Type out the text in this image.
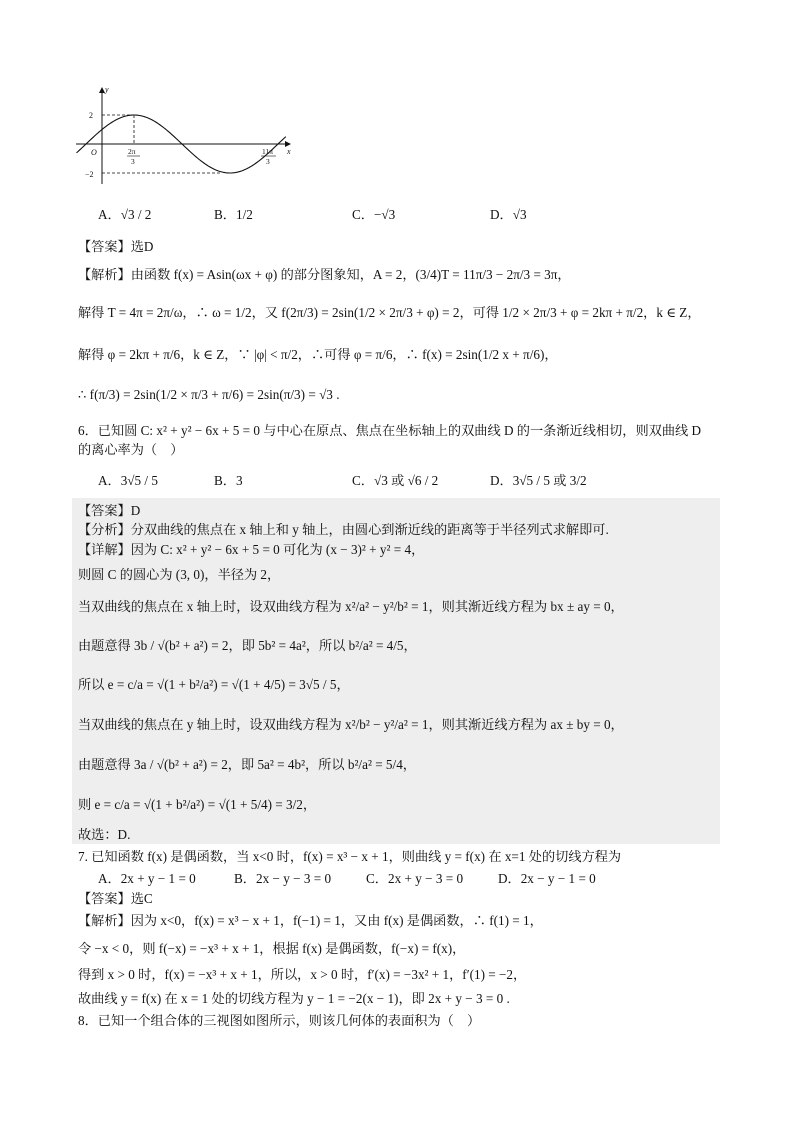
y
x
O
2
−2
2π
3
11π
3
A．√3 / 2	B．1/2	C．−√3	D．√3
【答案】选D
【解析】由函数 f(x) = Asin(ωx + φ) 的部分图象知，A = 2，(3/4)T = 11π/3 − 2π/3 = 3π，
解得 T = 4π = 2π/ω，∴ ω = 1/2，又 f(2π/3) = 2sin(1/2 × 2π/3 + φ) = 2，可得 1/2 × 2π/3 + φ = 2kπ + π/2，k ∈ Z，
解得 φ = 2kπ + π/6，k ∈ Z，∵ |φ| < π/2，∴可得 φ = π/6，∴ f(x) = 2sin(1/2 x + π/6)，
∴ f(π/3) = 2sin(1/2 × π/3 + π/6) = 2sin(π/3) = √3 .
6．已知圆 C: x² + y² − 6x + 5 = 0 与中心在原点、焦点在坐标轴上的双曲线 D 的一条渐近线相切，则双曲线 D
的离心率为（　）
A．3√5 / 5	B．3	C．√3 或 √6 / 2	D．3√5 / 5 或 3/2
【答案】D
【分析】分双曲线的焦点在 x 轴上和 y 轴上，由圆心到渐近线的距离等于半径列式求解即可.
【详解】因为 C: x² + y² − 6x + 5 = 0 可化为 (x − 3)² + y² = 4，
则圆 C 的圆心为 (3, 0)，半径为 2，
当双曲线的焦点在 x 轴上时，设双曲线方程为 x²/a² − y²/b² = 1，则其渐近线方程为 bx ± ay = 0，
由题意得 3b / √(b² + a²) = 2，即 5b² = 4a²，所以 b²/a² = 4/5，
所以 e = c/a = √(1 + b²/a²) = √(1 + 4/5) = 3√5 / 5，
当双曲线的焦点在 y 轴上时，设双曲线方程为 x²/b² − y²/a² = 1，则其渐近线方程为 ax ± by = 0，
由题意得 3a / √(b² + a²) = 2，即 5a² = 4b²，所以 b²/a² = 5/4，
则 e = c/a = √(1 + b²/a²) = √(1 + 5/4) = 3/2，
故选：D.
7. 已知函数 f(x) 是偶函数，当 x<0 时，f(x) = x³ − x + 1，则曲线 y = f(x) 在 x=1 处的切线方程为
A．2x + y − 1 = 0	B．2x − y − 3 = 0	C．2x + y − 3 = 0	D．2x − y − 1 = 0
【答案】选C
【解析】因为 x<0，f(x) = x³ − x + 1，f(−1) = 1，又由 f(x) 是偶函数，∴ f(1) = 1，
令 −x < 0，则 f(−x) = −x³ + x + 1，根据 f(x) 是偶函数，f(−x) = f(x)，
得到 x > 0 时，f(x) = −x³ + x + 1，所以，x > 0 时，f′(x) = −3x² + 1，f′(1) = −2，
故曲线 y = f(x) 在 x = 1 处的切线方程为 y − 1 = −2(x − 1)，即 2x + y − 3 = 0 .
8．已知一个组合体的三视图如图所示，则该几何体的表面积为（　）
